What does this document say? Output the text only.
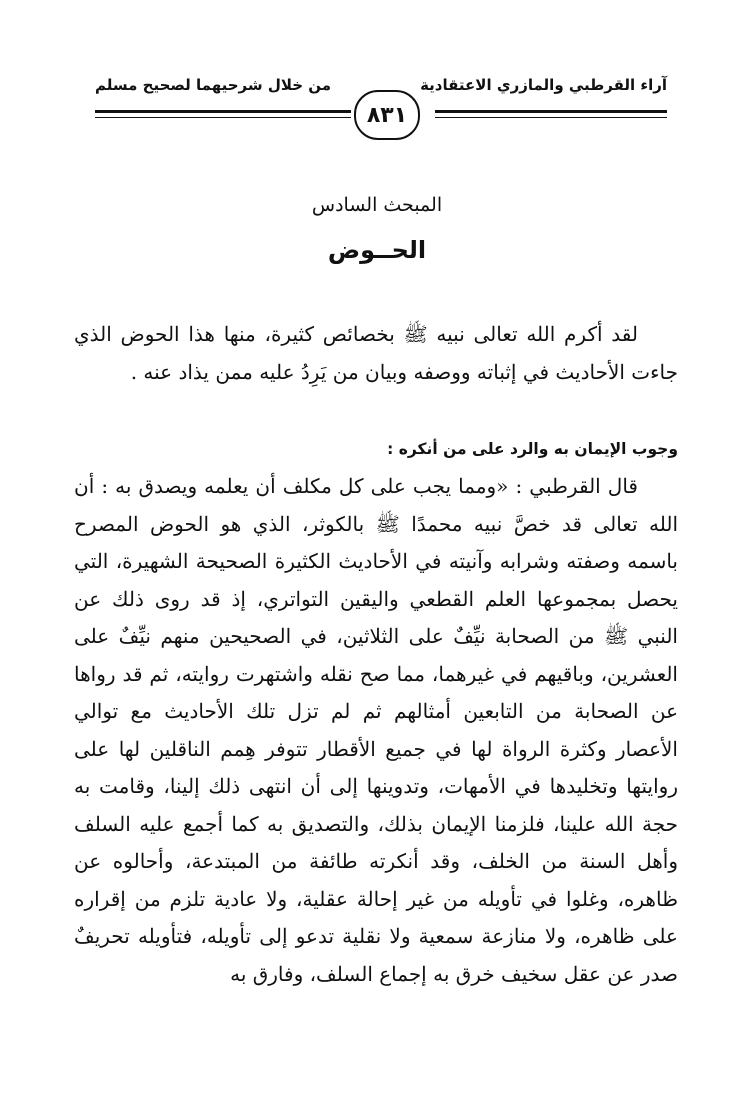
آراء القرطبي والمازري الاعتقادية
من خلال شرحيهما لصحيح مسلم
٨٣١
المبحث السادس
الحــوض

لقد أكرم الله تعالى نبيه ﷺ بخصائص كثيرة، منها هذا الحوض الذي جاءت الأحاديث في إثباته ووصفه وبيان من يَرِدُ عليه ممن يذاد عنه .

وجوب الإيمان به والرد على من أنكره :

قال القرطبي : «ومما يجب على كل مكلف أن يعلمه ويصدق به : أن الله تعالى قد خصَّ نبيه محمدًا ﷺ بالكوثر، الذي هو الحوض المصرح باسمه وصفته وشرابه وآنيته في الأحاديث الكثيرة الصحيحة الشهيرة، التي يحصل بمجموعها العلم القطعي واليقين التواتري، إذ قد روى ذلك عن النبي ﷺ من الصحابة نيِّفٌ على الثلاثين، في الصحيحين منهم نيِّفٌ على العشرين، وباقيهم في غيرهما، مما صح نقله واشتهرت روايته، ثم قد رواها عن الصحابة من التابعين أمثالهم ثم لم تزل تلك الأحاديث مع توالي الأعصار وكثرة الرواة لها في جميع الأقطار تتوفر هِمم الناقلين لها على روايتها وتخليدها في الأمهات، وتدوينها إلى أن انتهى ذلك إلينا، وقامت به حجة الله علينا، فلزمنا الإيمان بذلك، والتصديق به كما أجمع عليه السلف وأهل السنة من الخلف، وقد أنكرته طائفة من المبتدعة، وأحالوه عن ظاهره، وغلوا في تأويله من غير إحالة عقلية، ولا عادية تلزم من إقراره على ظاهره، ولا منازعة سمعية ولا نقلية تدعو إلى تأويله، فتأويله تحريفٌ صدر عن عقل سخيف خرق به إجماع السلف، وفارق به
